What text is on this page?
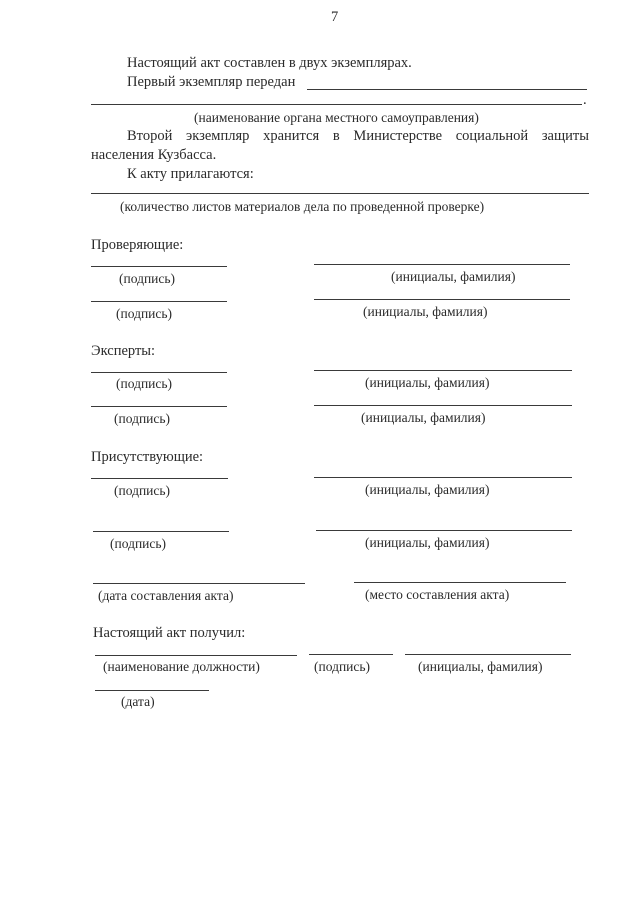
7
Настоящий акт составлен в двух экземплярах.
Первый экземпляр передан
.
(наименование органа местного самоуправления)
Второй экземпляр хранится в Министерстве социальной защиты
населения Кузбасса.
К акту прилагаются:
(количество листов материалов дела по проведенной проверке)
Проверяющие:
(подпись)	(инициалы, фамилия)
(подпись)	(инициалы, фамилия)
Эксперты:
(подпись)	(инициалы, фамилия)
(подпись)	(инициалы, фамилия)
Присутствующие:
(подпись)	(инициалы, фамилия)
(подпись)	(инициалы, фамилия)
(дата составления акта)	(место составления акта)
Настоящий акт получил:
(наименование должности)	(подпись)	(инициалы, фамилия)
(дата)
